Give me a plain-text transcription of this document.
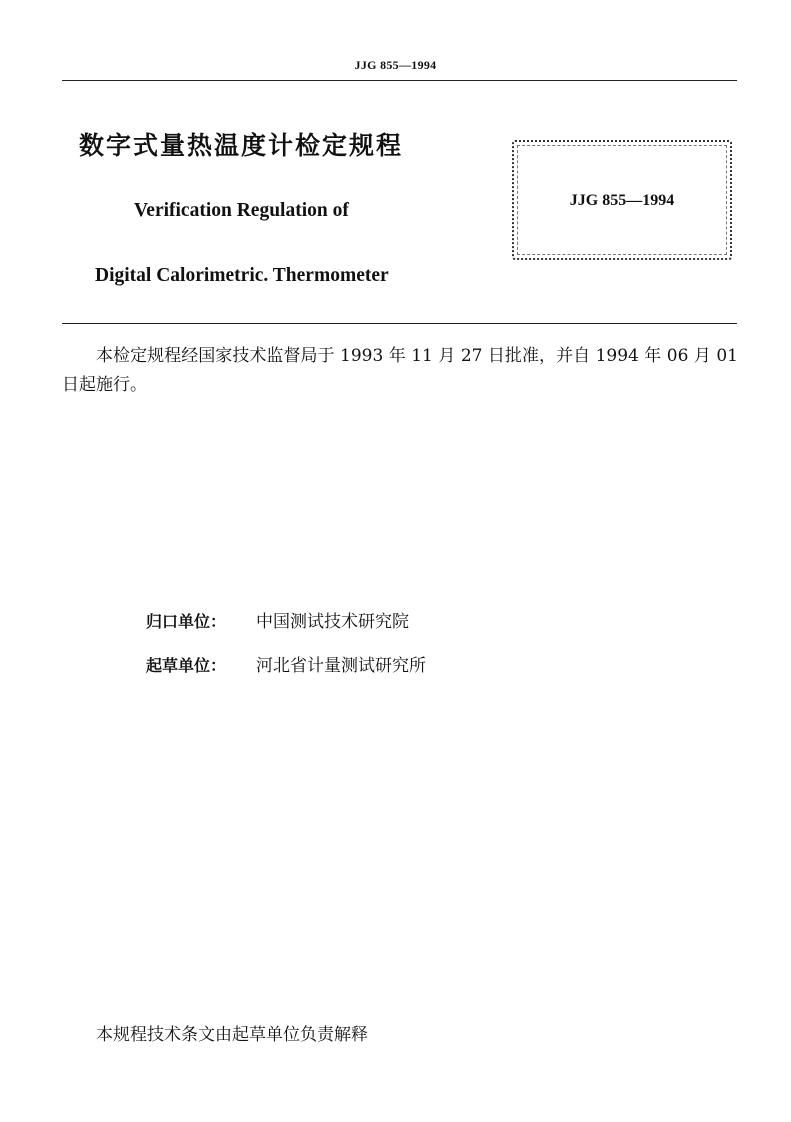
JJG 855—1994
数字式量热温度计检定规程
Verification Regulation of
Digital Calorimetric. Thermometer
JJG 855—1994
本检定规程经国家技术监督局于 1993 年 11 月 27 日批准，并自 1994 年 06 月 01 日起施行。
归口单位： 中国测试技术研究院
起草单位： 河北省计量测试研究所
本规程技术条文由起草单位负责解释
